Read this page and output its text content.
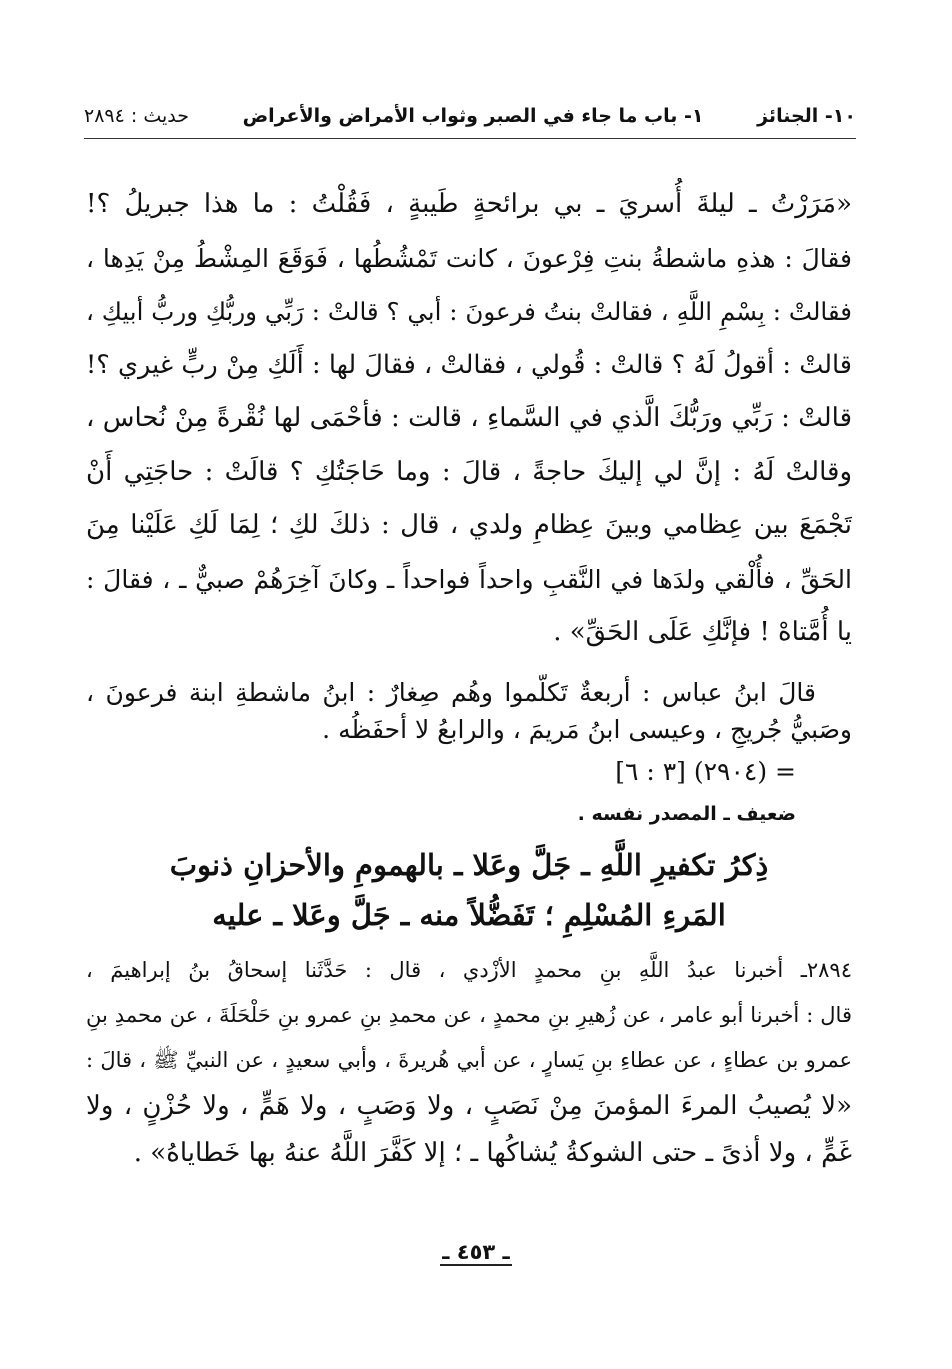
١٠- الجنائز
١- باب ما جاء في الصبر وثواب الأمراض والأعراض
حديث : ٢٨٩٤
«مَرَرْتُ ـ ليلةَ أُسريَ ـ بي برائحةٍ طَيبةٍ ، فَقُلْتُ : ما هذا جبريلُ ؟!
فقالَ : هذهِ ماشطةُ بنتِ فِرْعونَ ، كانت تَمْشُطُها ، فَوَقَعَ المِشْطُ مِنْ يَدِها ،
فقالتْ : بِسْمِ اللَّهِ ، فقالتْ بنتُ فرعونَ : أبي ؟ قالتْ : رَبِّي وربُّكِ وربُّ أبيكِ ،
قالتْ : أقولُ لَهُ ؟ قالتْ : قُولي ، فقالتْ ، فقالَ لها : أَلَكِ مِنْ ربٍّ غيري ؟!
قالتْ : رَبِّي ورَبُّكَ الَّذي في السَّماءِ ، قالت : فأحْمَى لها نُقْرةً مِنْ نُحاس ،
وقالتْ لَهُ : إنَّ لي إليكَ حاجةً ، قالَ : وما حَاجَتُكِ ؟ قالَتْ : حاجَتِي أَنْ
تَجْمَعَ بين عِظامي وبينَ عِظامِ ولدي ، قال : ذلكَ لكِ ؛ لِمَا لَكِ عَلَيْنا مِنَ
الحَقِّ ، فأُلْقي ولدَها في النَّقبِ واحداً فواحداً ـ وكانَ آخِرَهُمْ صبيٌّ ـ ، فقالَ :
يا أُمَّتاهْ ! فإنَّكِ عَلَى الحَقِّ» .
قالَ ابنُ عباس : أربعةٌ تَكلَّموا وهُم صِغارٌ : ابنُ ماشطةِ ابنة فرعونَ ،
وصَبيُّ جُريجٍ ، وعيسى ابنُ مَريمَ ، والرابعُ لا أحفَظُه .
= (٢٩٠٤) [٣ : ٦]
ضعيف ـ المصدر نفسه .
ذِكرُ تكفيرِ اللَّهِ ـ جَلَّ وعَلا ـ بالهمومِ والأحزانِ ذنوبَ
المَرءِ المُسْلِمِ ؛ تَفَضُّلاً منه ـ جَلَّ وعَلا ـ عليه
٢٨٩٤ـ أخبرنا عبدُ اللَّهِ بنِ محمدٍ الأزْدي ، قال : حَدَّثَنا إسحاقُ بنُ إبراهيمَ ،
قال : أخبرنا أبو عامر ، عن زُهيرِ بنِ محمدٍ ، عن محمدِ بنِ عمرو بنِ حَلْحَلَةَ ، عن محمدِ بنِ
عمرو بن عطاءٍ ، عن عطاءِ بنِ يَسارٍ ، عن أبي هُريرةَ ، وأبي سعيدٍ ، عن النبيِّ ﷺ ، قالَ :
«لا يُصيبُ المرءَ المؤمنَ مِنْ نَصَبٍ ، ولا وَصَبٍ ، ولا هَمٍّ ، ولا حُزْنٍ ، ولا
غَمٍّ ، ولا أذىً ـ حتى الشوكةُ يُشاكُها ـ ؛ إلا كَفَّرَ اللَّهُ عنهُ بها خَطاياهُ» .
ـ ٤٥٣ ـ
